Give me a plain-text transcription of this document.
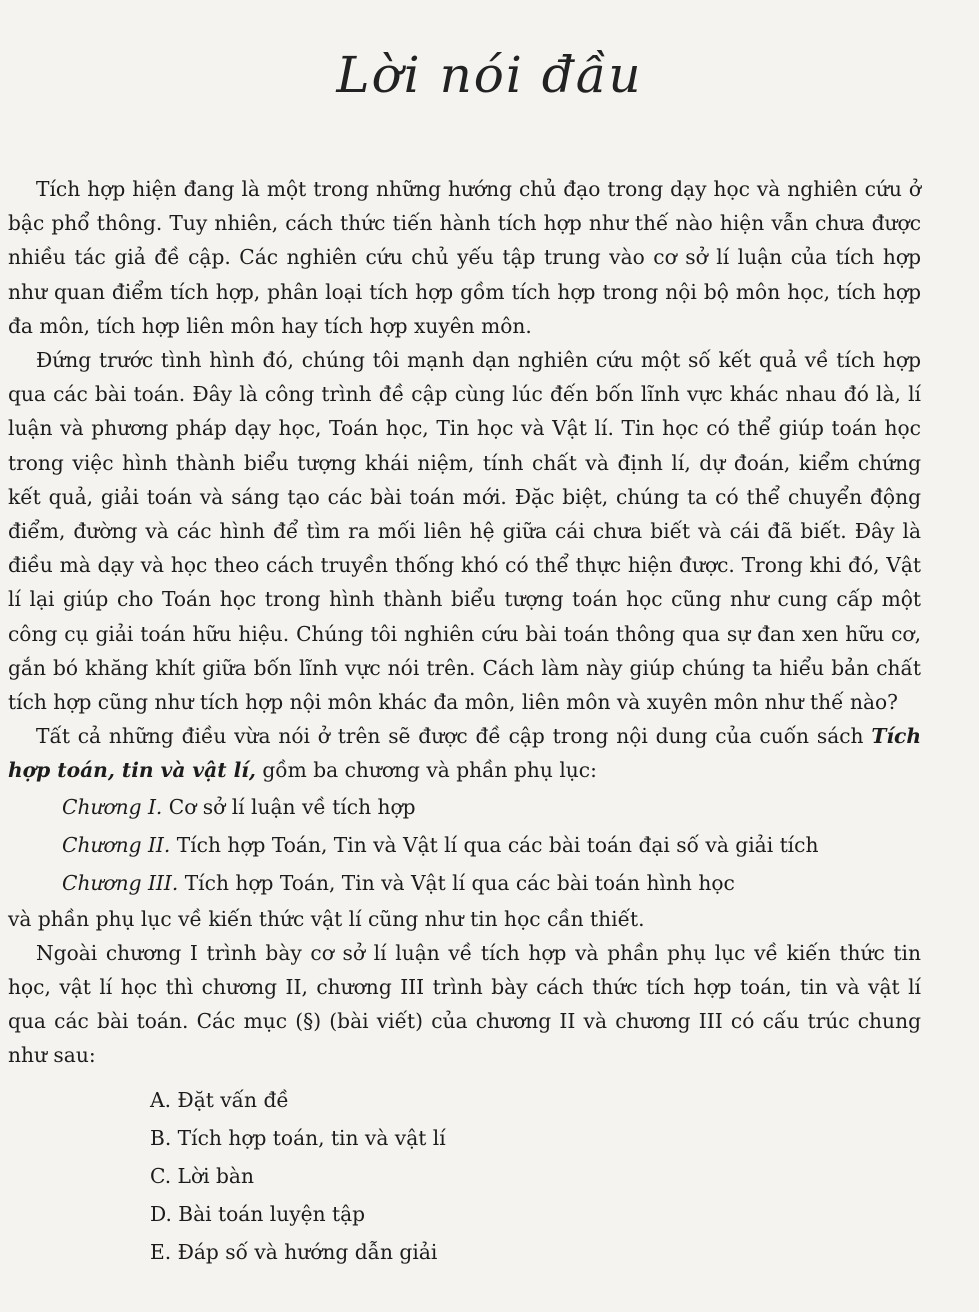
Lời nói đầu

Tích hợp hiện đang là một trong những hướng chủ đạo trong dạy học và nghiên cứu ở bậc phổ thông. Tuy nhiên, cách thức tiến hành tích hợp như thế nào hiện vẫn chưa được nhiều tác giả đề cập. Các nghiên cứu chủ yếu tập trung vào cơ sở lí luận của tích hợp như quan điểm tích hợp, phân loại tích hợp gồm tích hợp trong nội bộ môn học, tích hợp đa môn, tích hợp liên môn hay tích hợp xuyên môn.

Đứng trước tình hình đó, chúng tôi mạnh dạn nghiên cứu một số kết quả về tích hợp qua các bài toán. Đây là công trình đề cập cùng lúc đến bốn lĩnh vực khác nhau đó là, lí luận và phương pháp dạy học, Toán học, Tin học và Vật lí. Tin học có thể giúp toán học trong việc hình thành biểu tượng khái niệm, tính chất và định lí, dự đoán, kiểm chứng kết quả, giải toán và sáng tạo các bài toán mới. Đặc biệt, chúng ta có thể chuyển động điểm, đường và các hình để tìm ra mối liên hệ giữa cái chưa biết và cái đã biết. Đây là điều mà dạy và học theo cách truyền thống khó có thể thực hiện được. Trong khi đó, Vật lí lại giúp cho Toán học trong hình thành biểu tượng toán học cũng như cung cấp một công cụ giải toán hữu hiệu. Chúng tôi nghiên cứu bài toán thông qua sự đan xen hữu cơ, gắn bó khăng khít giữa bốn lĩnh vực nói trên. Cách làm này giúp chúng ta hiểu bản chất tích hợp cũng như tích hợp nội môn khác đa môn, liên môn và xuyên môn như thế nào?

Tất cả những điều vừa nói ở trên sẽ được đề cập trong nội dung của cuốn sách Tích hợp toán, tin và vật lí, gồm ba chương và phần phụ lục:

Chương I. Cơ sở lí luận về tích hợp
Chương II. Tích hợp Toán, Tin và Vật lí qua các bài toán đại số và giải tích
Chương III. Tích hợp Toán, Tin và Vật lí qua các bài toán hình học

và phần phụ lục về kiến thức vật lí cũng như tin học cần thiết.

Ngoài chương I trình bày cơ sở lí luận về tích hợp và phần phụ lục về kiến thức tin học, vật lí học thì chương II, chương III trình bày cách thức tích hợp toán, tin và vật lí qua các bài toán. Các mục (§) (bài viết) của chương II và chương III có cấu trúc chung như sau:

A. Đặt vấn đề
B. Tích hợp toán, tin và vật lí
C. Lời bàn
D. Bài toán luyện tập
E. Đáp số và hướng dẫn giải
